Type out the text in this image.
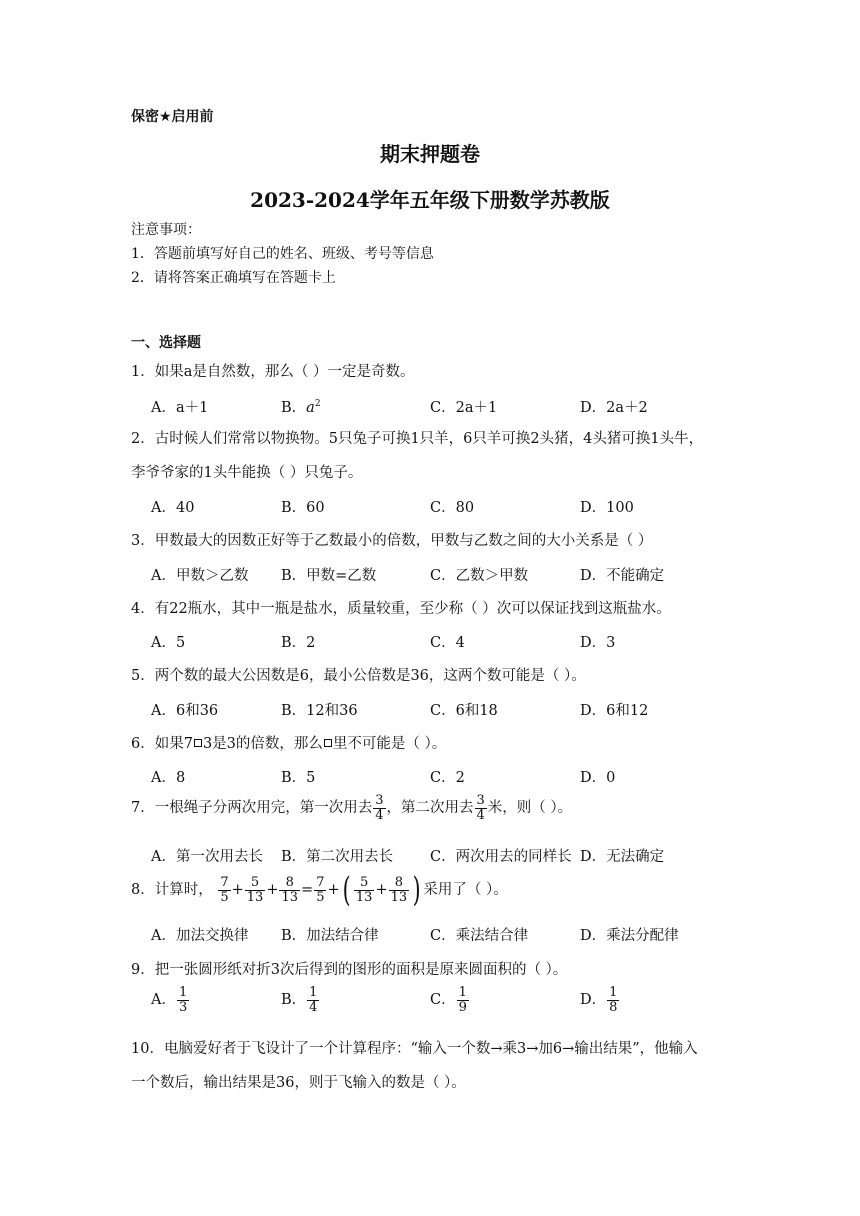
保密★启用前
期末押题卷
2023-2024学年五年级下册数学苏教版
注意事项：
1．答题前填写好自己的姓名、班级、考号等信息
2．请将答案正确填写在答题卡上
一、选择题
1．如果a是自然数，那么（ ）一定是奇数。
A．a＋1	B．$a^2$	C．2a＋1	D．2a＋2
2．古时候人们常常以物换物。5只兔子可换1只羊，6只羊可换2头猪，4头猪可换1头牛，
李爷爷家的1头牛能换（ ）只兔子。
A．40	B．60	C．80	D．100
3．甲数最大的因数正好等于乙数最小的倍数，甲数与乙数之间的大小关系是（ ）
A．甲数＞乙数 B．甲数=乙数	C．乙数＞甲数	D．不能确定
4．有22瓶水，其中一瓶是盐水，质量较重，至少称（ ）次可以保证找到这瓶盐水。
A．5	B．2	C．4	D．3
5．两个数的最大公因数是6，最小公倍数是36，这两个数可能是（ ）。
A．6和36	B．12和36	C．6和18	D．6和12
6．如果7 3是3的倍数，那么 里不可能是（ ）。
A．8	B．5	C．2	D．0
7．一根绳子分两次用完，第一次用去 $\frac{3}{4}$ ，第二次用去 $\frac{3}{4}$ 米，则（ ）。
A．第一次用去长 B．第二次用去长	C．两次用去的同样长 D．无法确定
8．计算时， $\frac{7}{5} + \frac{5}{13} + \frac{8}{13} = \frac{7}{5}$ +( $\frac{5}{13} + \frac{8}{13}$ ) 采用了（ ）。
A．加法交换律 B．加法结合律	C．乘法结合律	D．乘法分配律
9．把一张圆形纸对折3次后得到的图形的面积是原来圆面积的（ ）。
A． $\frac{1}{3}$	B． $\frac{1}{4}$	C． $\frac{1}{9}$	D． $\frac{1}{8}$
10．电脑爱好者于飞设计了一个计算程序：“输入一个数→乘3→加6→输出结果”，他输入
一个数后，输出结果是36，则于飞输入的数是（ ）。
